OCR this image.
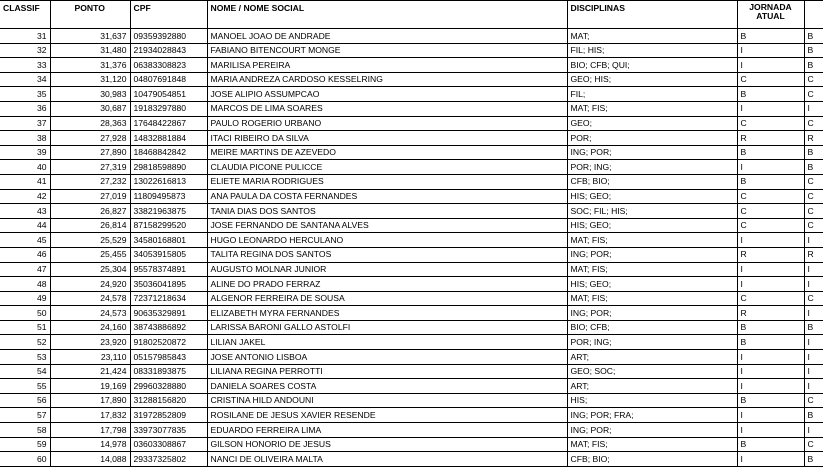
CLASSIF	PONTO	CPF	NOME / NOME SOCIAL	DISCIPLINAS	JORNADA
ATUAL	
31	31,637	09359392880	MANOEL JOAO DE ANDRADE	MAT;	B	B
32	31,480	21934028843	FABIANO BITENCOURT MONGE	FIL; HIS;	I	B
33	31,376	06383308823	MARILISA PEREIRA	BIO; CFB; QUI;	I	B
34	31,120	04807691848	MARIA ANDREZA CARDOSO KESSELRING	GEO; HIS;	C	C
35	30,983	10479054851	JOSE ALIPIO ASSUMPCAO	FIL;	B	C
36	30,687	19183297880	MARCOS DE LIMA SOARES	MAT; FIS;	I	I
37	28,363	17648422867	PAULO ROGERIO URBANO	GEO;	C	C
38	27,928	14832881884	ITACI RIBEIRO DA SILVA	POR;	R	R
39	27,890	18468842842	MEIRE MARTINS DE AZEVEDO	ING; POR;	B	B
40	27,319	29818598890	CLAUDIA PICONE PULICCE	POR; ING;	I	B
41	27,232	13022616813	ELIETE MARIA RODRIGUES	CFB; BIO;	B	C
42	27,019	11809495873	ANA PAULA DA COSTA FERNANDES	HIS; GEO;	C	C
43	26,827	33821963875	TANIA DIAS DOS SANTOS	SOC; FIL; HIS;	C	C
44	26,814	87158299520	JOSE FERNANDO DE SANTANA ALVES	HIS; GEO;	C	C
45	25,529	34580168801	HUGO LEONARDO HERCULANO	MAT; FIS;	I	I
46	25,455	34053915805	TALITA REGINA DOS SANTOS	ING; POR;	R	R
47	25,304	95578374891	AUGUSTO MOLNAR JUNIOR	MAT; FIS;	I	I
48	24,920	35036041895	ALINE DO PRADO FERRAZ	HIS; GEO;	I	I
49	24,578	72371218634	ALGENOR FERREIRA DE SOUSA	MAT; FIS;	C	C
50	24,573	90635329891	ELIZABETH MYRA FERNANDES	ING; POR;	R	I
51	24,160	38743886892	LARISSA BARONI GALLO ASTOLFI	BIO; CFB;	B	B
52	23,920	91802520872	LILIAN JAKEL	POR; ING;	B	I
53	23,110	05157985843	JOSE ANTONIO LISBOA	ART;	I	I
54	21,424	08331893875	LILIANA REGINA PERROTTI	GEO; SOC;	I	I
55	19,169	29960328880	DANIELA SOARES COSTA	ART;	I	I
56	17,890	31288156820	CRISTINA HILD ANDOUNI	HIS;	B	C
57	17,832	31972852809	ROSILANE DE JESUS XAVIER RESENDE	ING; POR; FRA;	I	B
58	17,798	33973077835	EDUARDO FERREIRA LIMA	ING; POR;	I	I
59	14,978	03603308867	GILSON HONORIO DE JESUS	MAT; FIS;	B	C
60	14,088	29337325802	NANCI DE OLIVEIRA MALTA	CFB; BIO;	I	B
